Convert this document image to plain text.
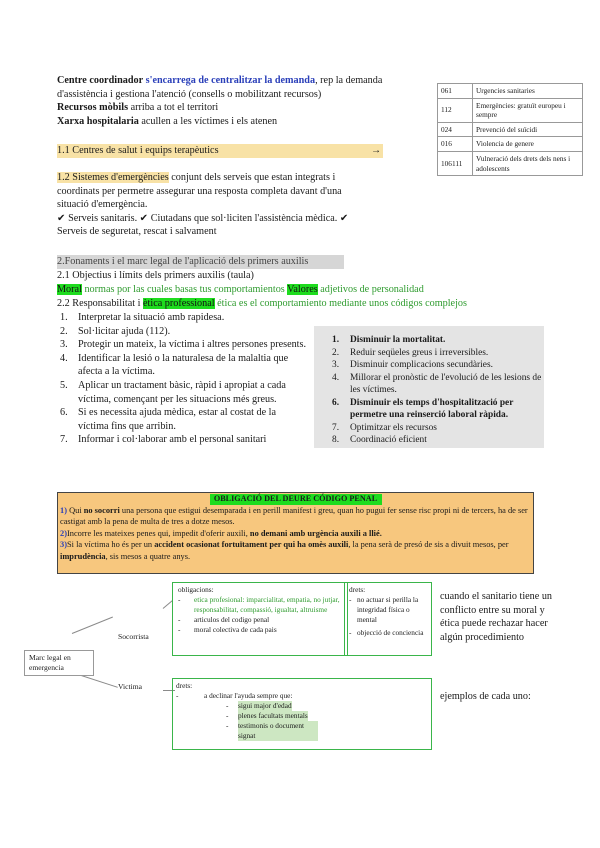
Centre coordinador s'encarrega de centralitzar la demanda, rep la demanda
d'assistència i gestiona l'atenció (consells o mobilitzant recursos)
Recursos mòbils arriba a tot el territori
Xarxa hospitalaria acullen a les víctimes i els atenen
061	Urgencies sanitaries
112	Emergències: gratuït europeu i sempre
024	Prevenció del suïcidi
016	Violencia de genere
106111	Vulneració dels drets dels nens i adolescents
1.1 Centres de salut i equips terapèutics	→
1.2 Sistemes d'emergències conjunt dels serveis que estan integrats i
coordinats per permetre assegurar una resposta completa davant d'una
situació d'emergència.
✔ Serveis sanitaris. ✔ Ciutadans que sol·liciten l'assistència mèdica. ✔
Serveis de seguretat, rescat i salvament
2.Fonaments i el marc legal de l'aplicació dels primers auxilis
2.1 Objectius i límits dels primers auxilis (taula)
Moral normas por las cuales basas tus comportamientos Valores adjetivos de personalidad
2.2 Responsabilitat i ètica professional ética es el comportamiento mediante unos códigos complejos
1.	Interpretar la situació amb rapidesa.
2.	Sol·licitar ajuda (112).
3.	Protegir un mateix, la víctima i altres persones presents.
4.	Identificar la lesió o la naturalesa de la malaltia que afecta a la víctima.
5.	Aplicar un tractament bàsic, ràpid i apropiat a cada víctima, començant per les situacions més greus.
6.	Si es necessita ajuda mèdica, estar al costat de la víctima fins que arribin.
7.	Informar i col·laborar amb el personal sanitari
1.	Disminuir la mortalitat.
2.	Reduir seqüeles greus i irreversibles.
3.	Disminuir complicacions secundàries.
4.	Millorar el pronòstic de l'evolució de les lesions de les víctimes.
6.	Disminuir els temps d'hospitalització per permetre una reinserció laboral ràpida.
7.	Optimitzar els recursos
8.	Coordinació eficient
OBLIGACIÓ DEL DEURE CÓDIGO PENAL
1) Qui no socorri una persona que estigui desemparada i en perill manifest i greu, quan ho pugui fer sense risc propi ni de tercers, ha de ser castigat amb la pena de multa de tres a dotze mesos.
2)Incorre les mateixes penes qui, impedit d'oferir auxili, no demani amb urgència auxili a llié.
3)Si la víctima ho és per un accident ocasionat fortuïtament per qui ha omès auxili, la pena serà de presó de sis a divuit mesos, per imprudència, sis mesos a quatre anys.
Marc legal en emergencia
Socorrista
Victima
obligacions:
-	etica profesional: imparcialitat, empatia, no jutjar, responsabilitat, compassió, igualtat, altruisme
-	articulos del codigo penal
-	moral colectiva de cada pais
drets:
- no actuar si perilla la integridad física o mental
- objecció de conciencia
drets:
-	a declinar l'ayuda sempre que:
-	sigui major d'edad
-	plenes facultats mentals
-	testimonis o document signat
cuando el sanitario tiene un conflicto entre su moral y ética puede rechazar hacer algún procedimiento
ejemplos de cada uno:
